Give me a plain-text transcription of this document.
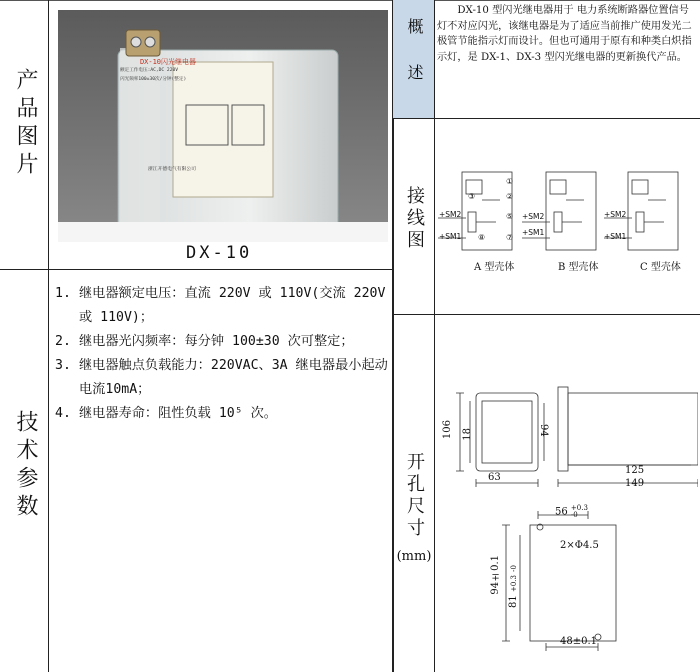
产品图片
技术参数
概述
接线图
开孔尺寸
(mm)
DX-10闪光继电器
额定工作电压:AC,DC 220V
闪光频率100±30次/分钟(整定)
浙江开德电气有限公司
DX-10
1. 继电器额定电压：直流 220V 或 110V(交流 220V 或 110V)；
2. 继电器光闪频率：每分钟 100±30 次可整定；
3. 继电器触点负载能力：220VAC、3A 继电器最小起动电流10mA；
4. 继电器寿命：阻性负载 10⁵ 次。
DX-10 型闪光继电器用于 电力系统断路器位置信号灯不对应闪光，该继电器是为了适应当前推广使用发光二极管节能指示灯而设计。但也可通用于原有和种类白炽指示灯，是 DX-1、DX-3 型闪光继电器的更新换代产品。
①
②
③
⑤
⑦
⑧
+SM2
+SM1
+SM2
+SM1
+SM2
+SM1
A 型壳体	B 型壳体	C 型壳体
106 18
63
94
125
149
56 +0.3
-0
2×Φ4.5
94±0.1
81 +0.3 -0
48±0.1
